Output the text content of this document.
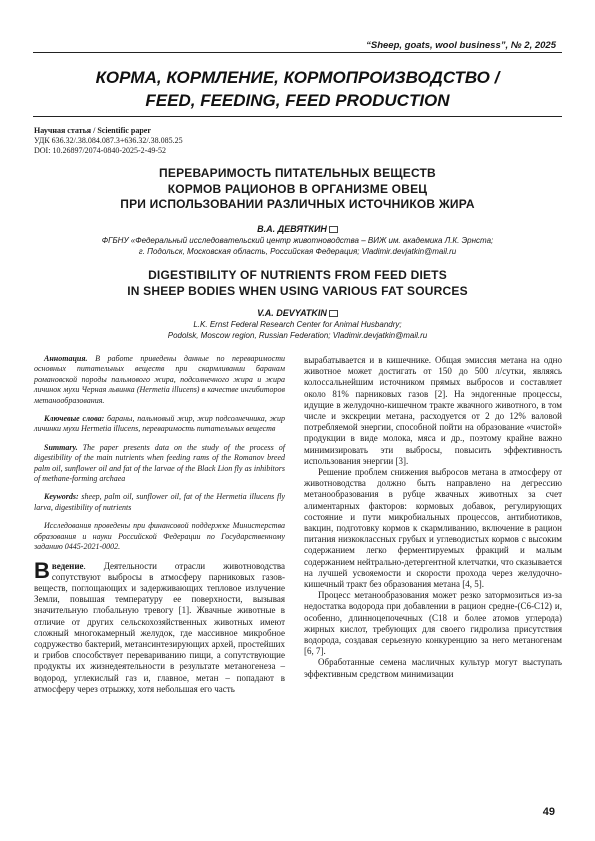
“Sheep, goats, wool business”, № 2, 2025
КОРМА, КОРМЛЕНИЕ, КОРМОПРОИЗВОДСТВО /
FEED, FEEDING, FEED PRODUCTION
Научная статья / Scientific paper
УДК 636.32/.38.084.087.3+636.32/.38.085.25
DOI: 10.26897/2074-0840-2025-2-49-52
ПЕРЕВАРИМОСТЬ ПИТАТЕЛЬНЫХ ВЕЩЕСТВ
КОРМОВ РАЦИОНОВ В ОРГАНИЗМЕ ОВЕЦ
ПРИ ИСПОЛЬЗОВАНИИ РАЗЛИЧНЫХ ИСТОЧНИКОВ ЖИРА
В.А. ДЕВЯТКИН
ФГБНУ «Федеральный исследовательский центр животноводства – ВИЖ им. академика Л.К. Эрнста;
г. Подольск, Московская область, Российская Федерация; Vladimir.devjatkin@mail.ru
DIGESTIBILITY OF NUTRIENTS FROM FEED DIETS
IN SHEEP BODIES WHEN USING VARIOUS FAT SOURCES
V.A. DEVYATKIN
L.K. Ernst Federal Research Center for Animal Husbandry;
Podolsk, Moscow region, Russian Federation; Vladimir.devjatkin@mail.ru

Аннотация. В работе приведены данные по переваримости основных питательных веществ при скармливании баранам романовской породы пальмового жира, подсолнечного жира и жира личинок мухи Черная львинка (Hermetia illucens) в качестве ингибиторов метанообразования.

Ключевые слова: бараны, пальмовый жир, жир подсолнечника, жир личинки мухи Hermetia illucens, переваримость питательных веществ

Summary. The paper presents data on the study of the process of digestibility of the main nutrients when feeding rams of the Romanov breed palm oil, sunflower oil and fat of the larvae of the Black Lion fly as inhibitors of methane-forming archaea

Keywords: sheep, palm oil, sunflower oil, fat of the Hermetia illucens fly larva, digestibility of nutrients

Исследования проведены при финансовой поддержке Министерства образования и науки Российской Федерации по Государственному заданию 0445-2021-0002.

Введение. Деятельности отрасли животноводства сопутствуют выбросы в атмосферу парниковых газов-веществ, поглощающих и задерживающих тепловое излучение Земли, повышая температуру ее поверхности, вызывая значительную глобальную тревогу [1]. Жвачные животные в отличие от других сельскохозяйственных животных имеют сложный многокамерный желудок, где массивное микробное содружество бактерий, метансинтезирующих архей, простейших и грибов способствует перевариванию пищи, а сопутствующие продукты их жизнедеятельности в результате метаногенеза – водород, углекислый газ и, главное, метан – попадают в атмосферу через отрыжку, хотя небольшая его часть

вырабатывается и в кишечнике. Общая эмиссия метана на одно животное может достигать от 150 до 500 л/сутки, являясь колоссальнейшим источником прямых выбросов и составляет около 81% парниковых газов [2]. На эндогенные процессы, идущие в желудочно-кишечном тракте жвачного животного, в том числе и экскреции метана, расходуется от 2 до 12% валовой потребляемой энергии, способной пойти на образование «чистой» продукции в виде молока, мяса и др., поэтому крайне важно минимизировать эти выбросы, повысить эффективность использования энергии [3].

Решение проблем снижения выбросов метана в атмосферу от животноводства должно быть направлено на дегрессию метанообразования в рубце жвачных животных за счет алиментарных факторов: кормовых добавок, регулирующих состояние и пути микробиальных процессов, антибиотиков, вакцин, подготовку кормов к скармливанию, включение в рацион питания низкоклассных грубых и углеводистых кормов с высоким содержанием легко ферментируемых фракций и малым содержанием нейтрально-детергентной клетчатки, что сказывается на лучшей усвояемости и скорости прохода через желудочно-кишечный тракт без образования метана [4, 5].

Процесс метанообразования может резко затормозиться из-за недостатка водорода при добавлении в рацион средне-(C6-C12) и, особенно, длинноцепочечных (C18 и более атомов углерода) жирных кислот, требующих для своего гидролиза присутствия водорода, создавая серьезную конкуренцию за него метаногенам [6, 7].

Обработанные семена масличных культур могут выступать эффективным средством минимизации

49
